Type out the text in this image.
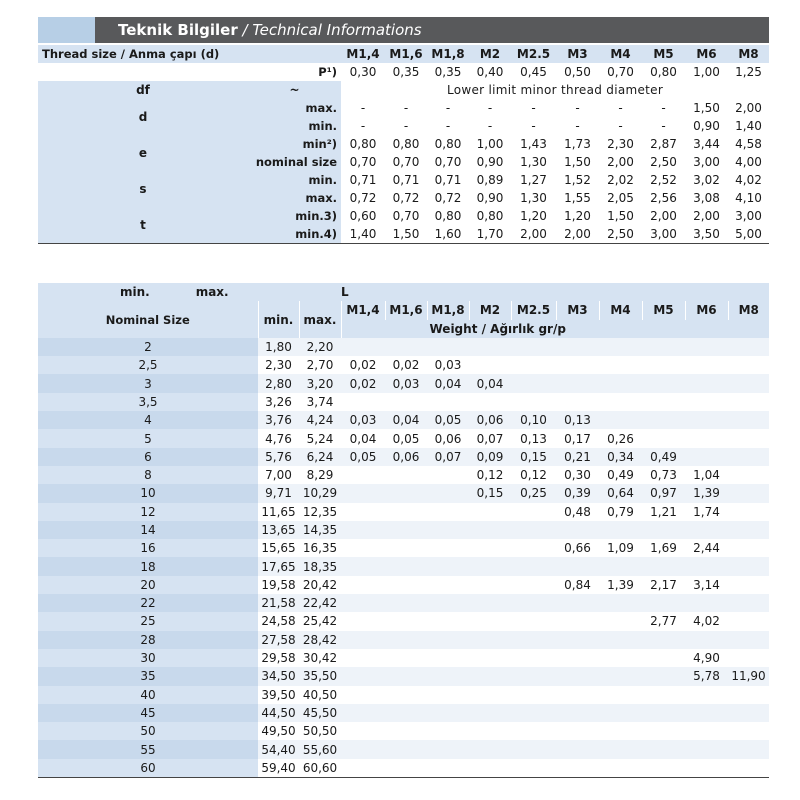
Teknik Bilgiler / Technical Informations
Thread size / Anma çapı (d)		M1,4	M1,6	M1,8	M2	M2.5	M3	M4	M5	M6	M8
P¹)		0,30	0,35	0,35	0,40	0,45	0,50	0,70	0,80	1,00	1,25
df	~	Lower limit minor thread diameter									
d	max.	-	-	-	-	-	-	-	-	1,50	2,00
	min.	-	-	-	-	-	-	-	-	0,90	1,40
e	min²)	0,80	0,80	0,80	1,00	1,43	1,73	2,30	2,87	3,44	4,58
	nominal size	0,70	0,70	0,70	0,90	1,30	1,50	2,00	2,50	3,00	4,00
s	min.	0,71	0,71	0,71	0,89	1,27	1,52	2,02	2,52	3,02	4,02
	max.	0,72	0,72	0,72	0,90	1,30	1,55	2,05	2,56	3,08	4,10
t	min.3)	0,60	0,70	0,80	0,80	1,20	1,20	1,50	2,00	2,00	3,00
	min.4)	1,40	1,50	1,60	1,70	2,00	2,00	2,50	3,00	3,50	5,00
min. max.			L									
Nominal Size	min.	max.	M1,4	M1,6	M1,8	M2	M2.5	M3	M4	M5	M6	M8
			Weight / Ağırlık gr/p									
2	1,80	2,20										
2,5	2,30	2,70	0,02	0,02	0,03							
3	2,80	3,20	0,02	0,03	0,04	0,04						
3,5	3,26	3,74										
4	3,76	4,24	0,03	0,04	0,05	0,06	0,10	0,13				
5	4,76	5,24	0,04	0,05	0,06	0,07	0,13	0,17	0,26			
6	5,76	6,24	0,05	0,06	0,07	0,09	0,15	0,21	0,34	0,49		
8	7,00	8,29				0,12	0,12	0,30	0,49	0,73	1,04	
10	9,71	10,29				0,15	0,25	0,39	0,64	0,97	1,39	
12	11,65	12,35						0,48	0,79	1,21	1,74	
14	13,65	14,35										
16	15,65	16,35						0,66	1,09	1,69	2,44	
18	17,65	18,35										
20	19,58	20,42						0,84	1,39	2,17	3,14	
22	21,58	22,42										
25	24,58	25,42								2,77	4,02	
28	27,58	28,42										
30	29,58	30,42									4,90	
35	34,50	35,50									5,78	11,90
40	39,50	40,50										
45	44,50	45,50										
50	49,50	50,50										
55	54,40	55,60										
60	59,40	60,60										
